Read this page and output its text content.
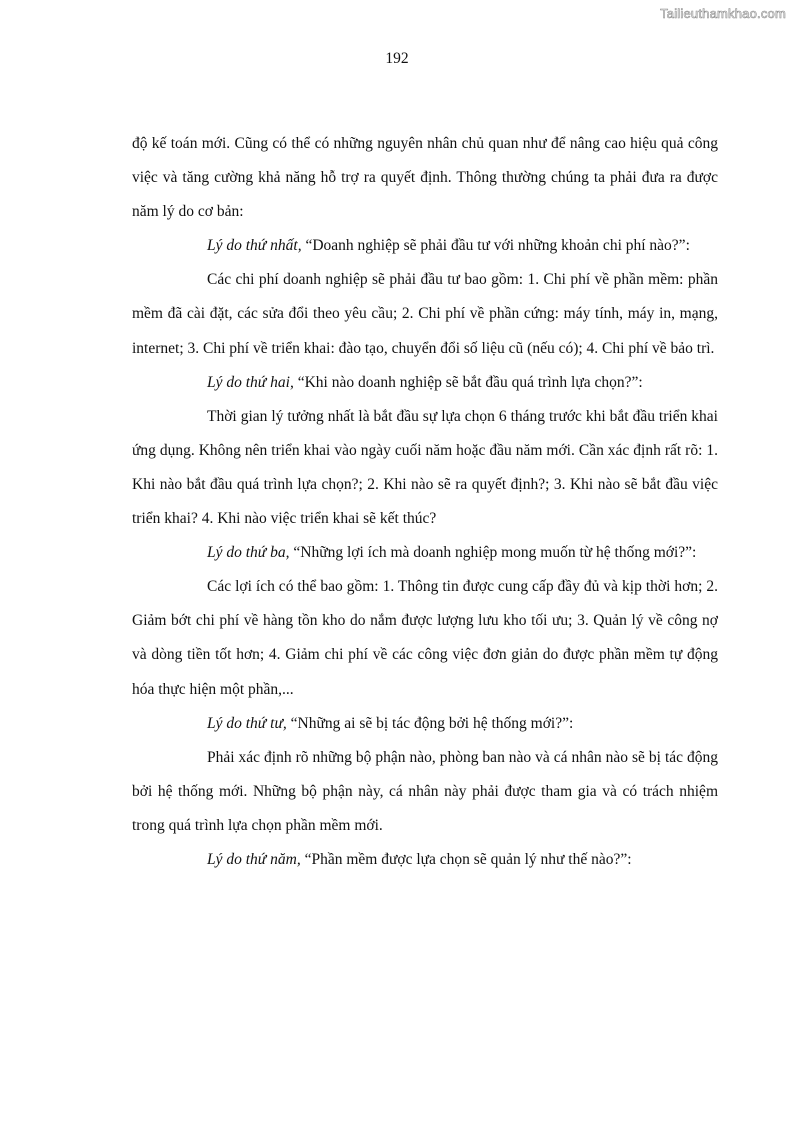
Tailieuthamkhao.com
192

độ kế toán mới. Cũng có thể có những nguyên nhân chủ quan như để nâng cao hiệu quả công việc và tăng cường khả năng hỗ trợ ra quyết định. Thông thường chúng ta phải đưa ra được năm lý do cơ bản:

Lý do thứ nhất, “Doanh nghiệp sẽ phải đầu tư với những khoản chi phí nào?”:

Các chi phí doanh nghiệp sẽ phải đầu tư bao gồm: 1. Chi phí về phần mềm: phần mềm đã cài đặt, các sửa đổi theo yêu cầu; 2. Chi phí về phần cứng: máy tính, máy in, mạng, internet; 3. Chi phí về triển khai: đào tạo, chuyển đổi số liệu cũ (nếu có); 4. Chi phí về bảo trì.

Lý do thứ hai, “Khi nào doanh nghiệp sẽ bắt đầu quá trình lựa chọn?”:

Thời gian lý tưởng nhất là bắt đầu sự lựa chọn 6 tháng trước khi bắt đầu triển khai ứng dụng. Không nên triển khai vào ngày cuối năm hoặc đầu năm mới. Cần xác định rất rõ: 1. Khi nào bắt đầu quá trình lựa chọn?; 2. Khi nào sẽ ra quyết định?; 3. Khi nào sẽ bắt đầu việc triển khai? 4. Khi nào việc triển khai sẽ kết thúc?

Lý do thứ ba, “Những lợi ích mà doanh nghiệp mong muốn từ hệ thống mới?”:

Các lợi ích có thể bao gồm: 1. Thông tin được cung cấp đầy đủ và kịp thời hơn; 2. Giảm bớt chi phí về hàng tồn kho do nắm được lượng lưu kho tối ưu; 3. Quản lý về công nợ và dòng tiền tốt hơn; 4. Giảm chi phí về các công việc đơn giản do được phần mềm tự động hóa thực hiện một phần,...

Lý do thứ tư, “Những ai sẽ bị tác động bởi hệ thống mới?”:

Phải xác định rõ những bộ phận nào, phòng ban nào và cá nhân nào sẽ bị tác động bởi hệ thống mới. Những bộ phận này, cá nhân này phải được tham gia và có trách nhiệm trong quá trình lựa chọn phần mềm mới.

Lý do thứ năm, “Phần mềm được lựa chọn sẽ quản lý như thế nào?”:
